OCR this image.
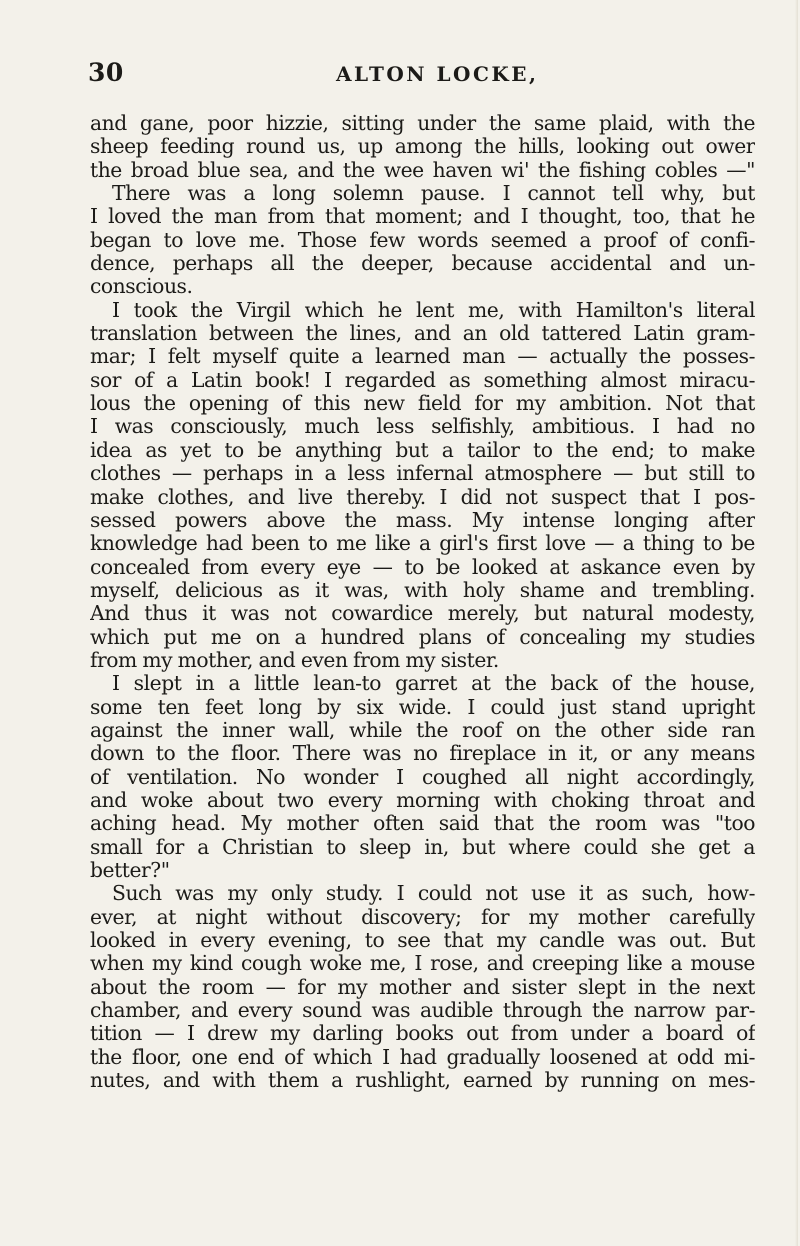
30	ALTON LOCKE,
and gane, poor hizzie, sitting under the same plaid, with the
sheep feeding round us, up among the hills, looking out ower
the broad blue sea, and the wee haven wi' the fishing cobles —"
There was a long solemn pause. I cannot tell why, but
I loved the man from that moment; and I thought, too, that he
began to love me. Those few words seemed a proof of confi-
dence, perhaps all the deeper, because accidental and un-
conscious.
I took the Virgil which he lent me, with Hamilton's literal
translation between the lines, and an old tattered Latin gram-
mar; I felt myself quite a learned man — actually the posses-
sor of a Latin book! I regarded as something almost miracu-
lous the opening of this new field for my ambition. Not that
I was consciously, much less selfishly, ambitious. I had no
idea as yet to be anything but a tailor to the end; to make
clothes — perhaps in a less infernal atmosphere — but still to
make clothes, and live thereby. I did not suspect that I pos-
sessed powers above the mass. My intense longing after
knowledge had been to me like a girl's first love — a thing to be
concealed from every eye — to be looked at askance even by
myself, delicious as it was, with holy shame and trembling.
And thus it was not cowardice merely, but natural modesty,
which put me on a hundred plans of concealing my studies
from my mother, and even from my sister.
I slept in a little lean-to garret at the back of the house,
some ten feet long by six wide. I could just stand upright
against the inner wall, while the roof on the other side ran
down to the floor. There was no fireplace in it, or any means
of ventilation. No wonder I coughed all night accordingly,
and woke about two every morning with choking throat and
aching head. My mother often said that the room was "too
small for a Christian to sleep in, but where could she get a
better?"
Such was my only study. I could not use it as such, how-
ever, at night without discovery; for my mother carefully
looked in every evening, to see that my candle was out. But
when my kind cough woke me, I rose, and creeping like a mouse
about the room — for my mother and sister slept in the next
chamber, and every sound was audible through the narrow par-
tition — I drew my darling books out from under a board of
the floor, one end of which I had gradually loosened at odd mi-
nutes, and with them a rushlight, earned by running on mes-
